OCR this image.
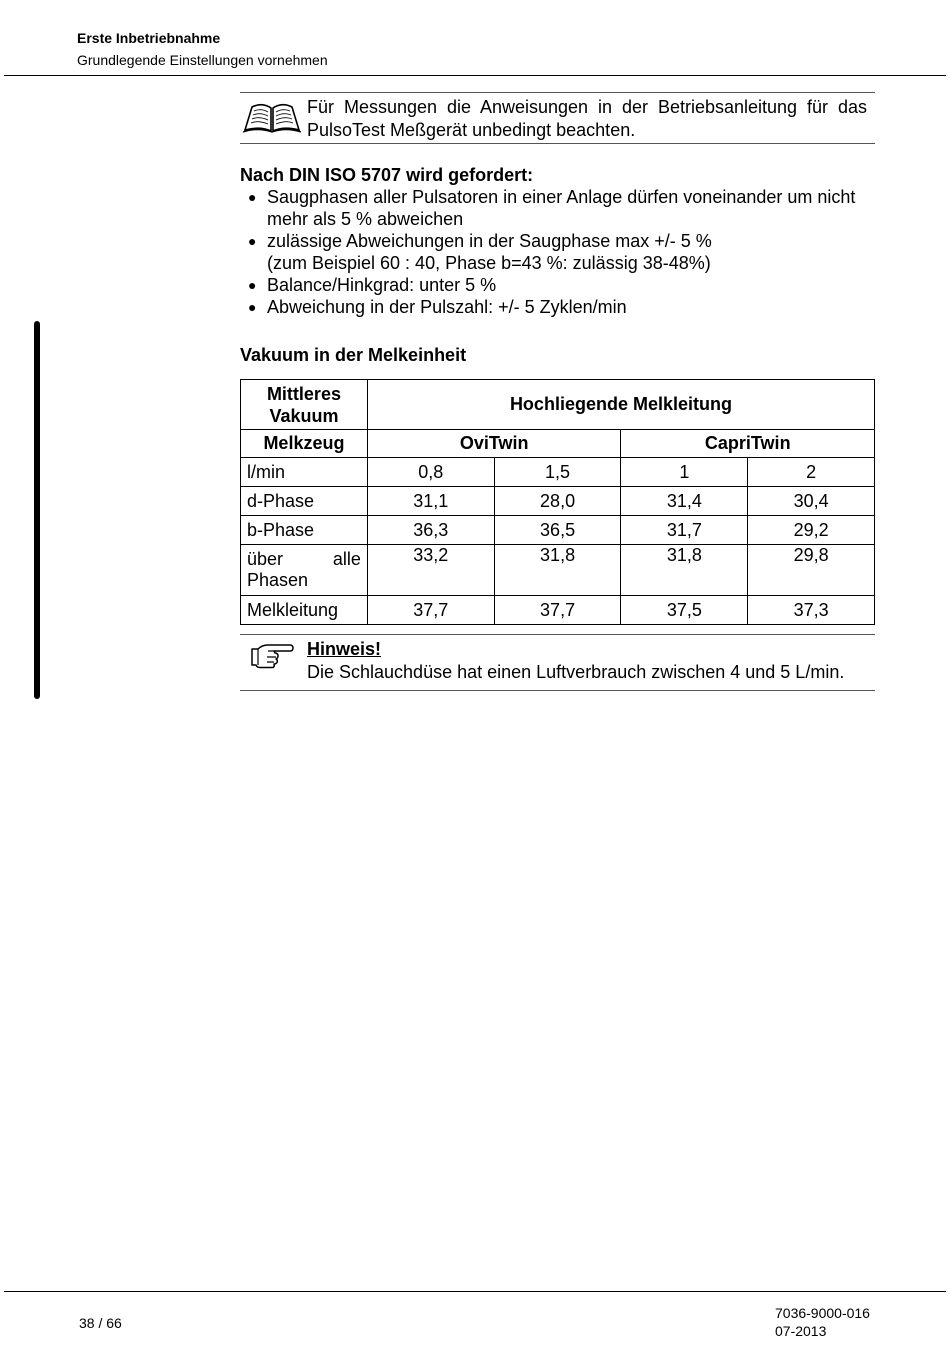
Erste Inbetriebnahme
Grundlegende Einstellungen vornehmen
Für Messungen die Anweisungen in der Betriebsanleitung für das PulsoTest Meßgerät unbedingt beachten.
Nach DIN ISO 5707 wird gefordert:
● Saugphasen aller Pulsatoren in einer Anlage dürfen voneinander um nicht mehr als 5 % abweichen
● zulässige Abweichungen in der Saugphase max +/- 5 %
(zum Beispiel 60 : 40, Phase b=43 %: zulässig 38-48%)
● Balance/Hinkgrad: unter 5 %
● Abweichung in der Pulszahl: +/- 5 Zyklen/min
Vakuum in der Melkeinheit
Mittleres Vakuum	Hochliegende Melkleitung			
Melkzeug	OviTwin		CapriTwin	
l/min	0,8	1,5	1	2
d-Phase	31,1	28,0	31,4	30,4
b-Phase	36,3	36,5	31,7	29,2

über alle
Phasen	33,2	31,8	31,8	29,8
Melkleitung	37,7	37,7	37,5	37,3
Hinweis!
Die Schlauchdüse hat einen Luftverbrauch zwischen 4 und 5 L/min.
38 / 66
7036-9000-016
07-2013
